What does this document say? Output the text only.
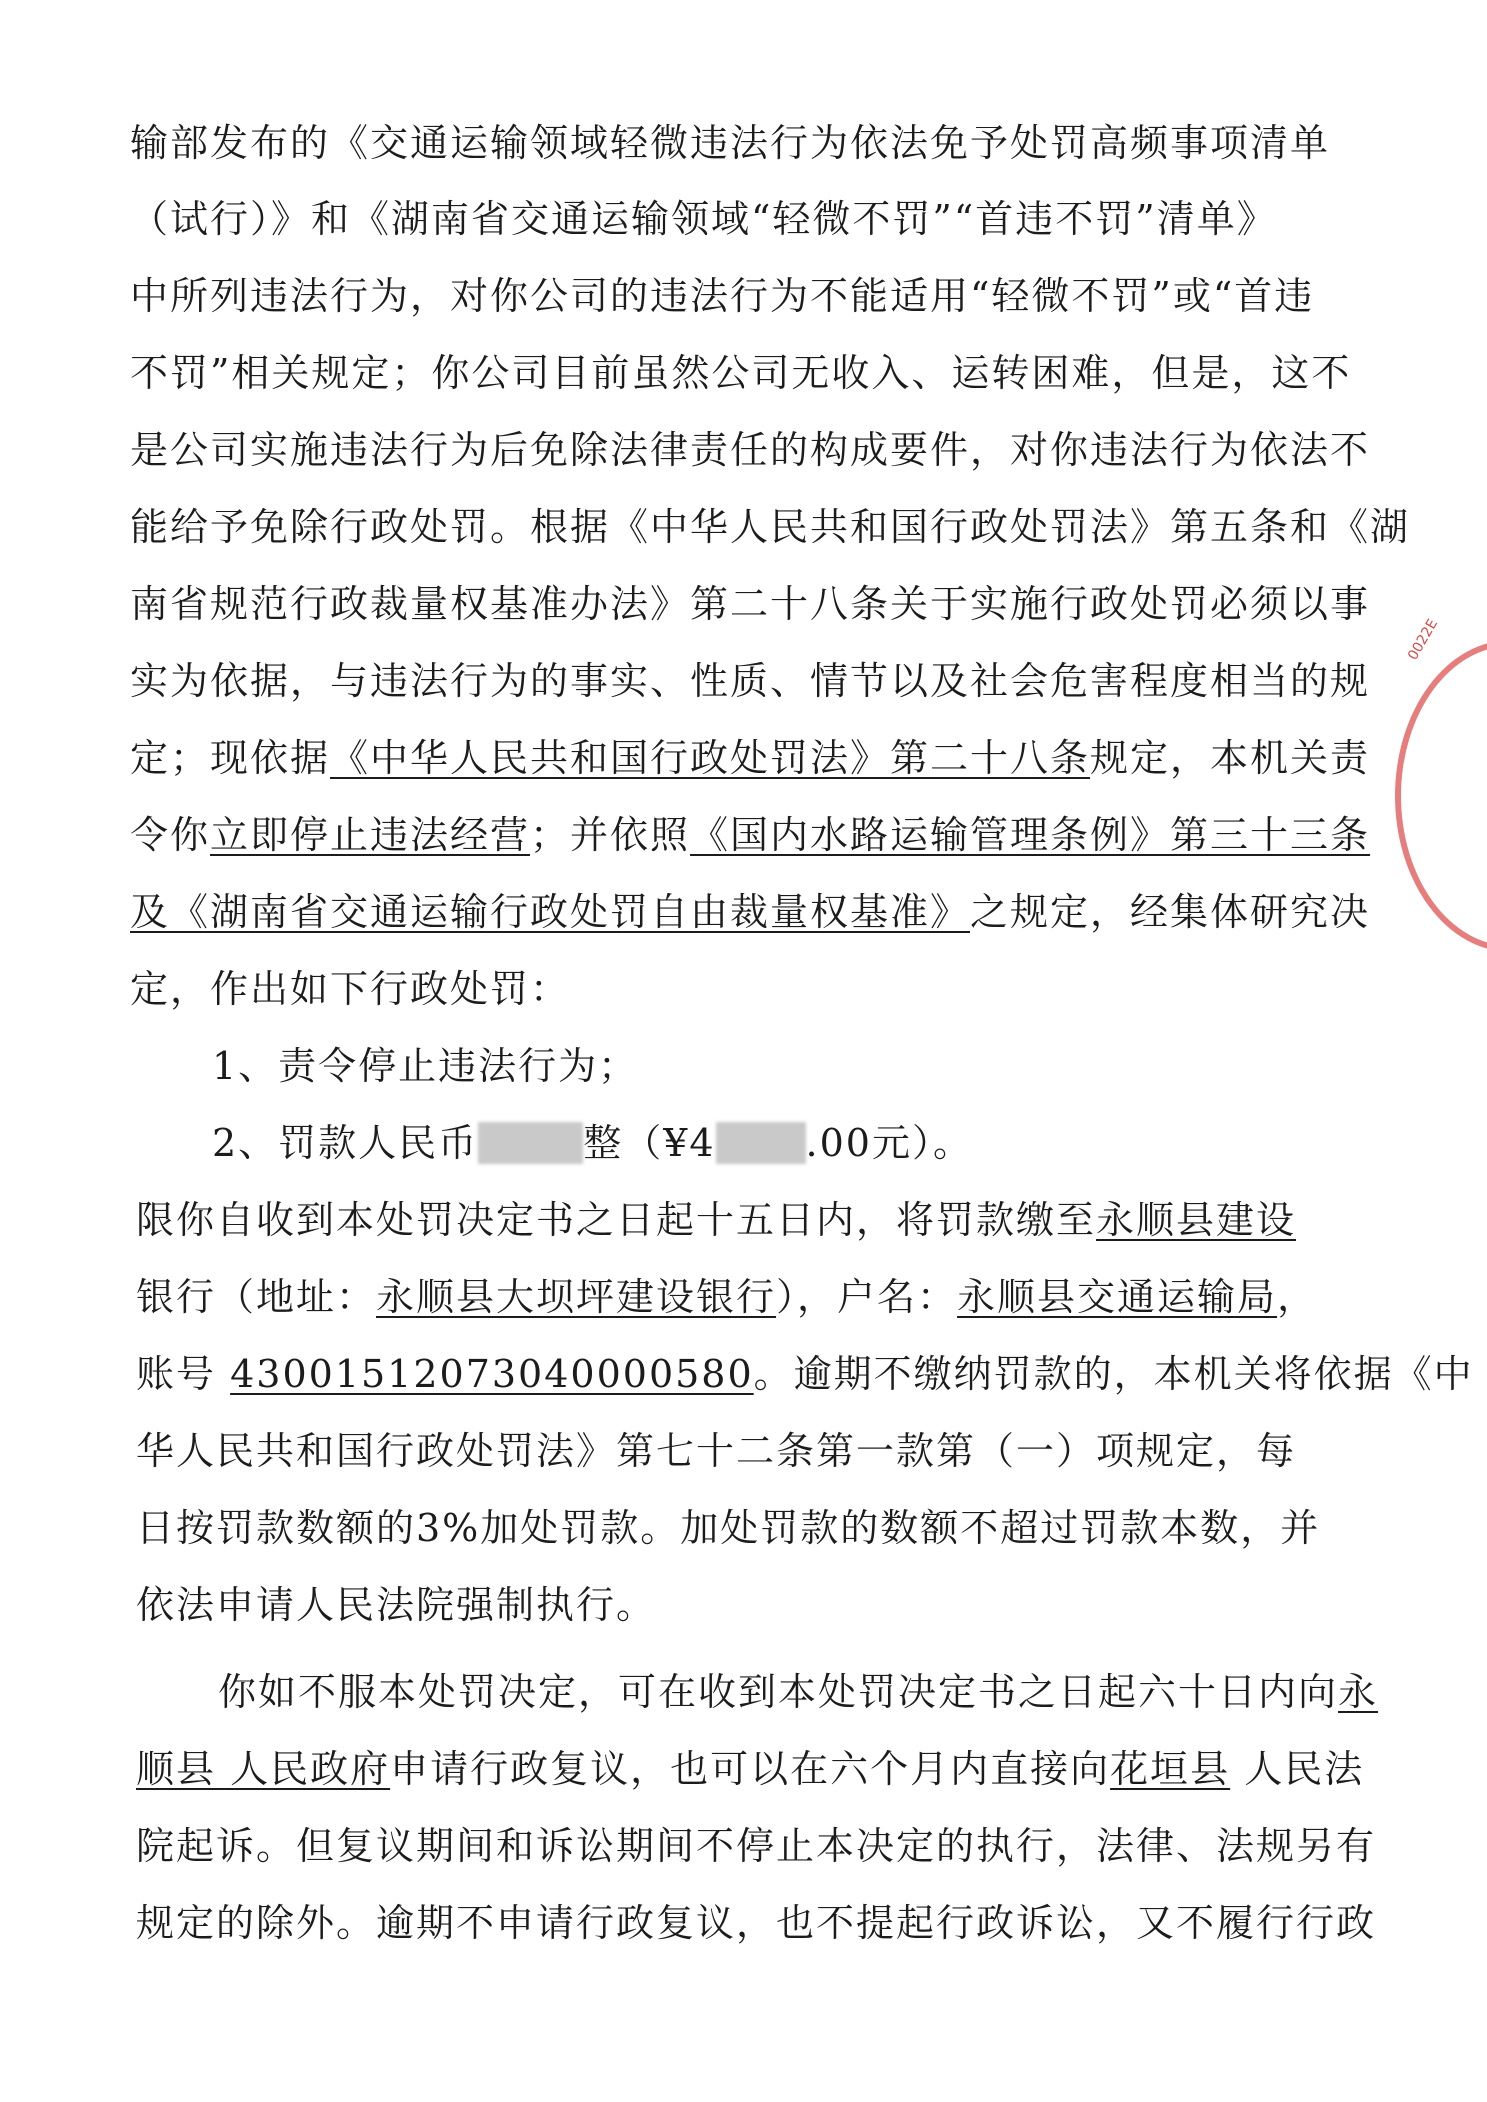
输部发布的《交通运输领域轻微违法行为依法免予处罚高频事项清单
（试行）》和《湖南省交通运输领域“轻微不罚”“首违不罚”清单》
中所列违法行为，对你公司的违法行为不能适用“轻微不罚”或“首违
不罚”相关规定；你公司目前虽然公司无收入、运转困难，但是，这不
是公司实施违法行为后免除法律责任的构成要件，对你违法行为依法不
能给予免除行政处罚。根据《中华人民共和国行政处罚法》第五条和《湖
南省规范行政裁量权基准办法》第二十八条关于实施行政处罚必须以事
实为依据，与违法行为的事实、性质、情节以及社会危害程度相当的规
定；现依据《中华人民共和国行政处罚法》第二十八条规定，本机关责
令你立即停止违法经营；并依照《国内水路运输管理条例》第三十三条
及《湖南省交通运输行政处罚自由裁量权基准》之规定，经集体研究决
定，作出如下行政处罚：
1、责令停止违法行为；
2、罚款人民币	整（¥4 .00元）。
限你自收到本处罚决定书之日起十五日内，将罚款缴至永顺县建设
银行（地址：永顺县大坝坪建设银行），户名：永顺县交通运输局，
账号 43001512073040000580。逾期不缴纳罚款的，本机关将依据《中
华人民共和国行政处罚法》第七十二条第一款第（一）项规定，每
日按罚款数额的3%加处罚款。加处罚款的数额不超过罚款本数，并
依法申请人民法院强制执行。
你如不服本处罚决定，可在收到本处罚决定书之日起六十日内向永
顺县 人民政府申请行政复议，也可以在六个月内直接向花垣县 人民法
院起诉。但复议期间和诉讼期间不停止本决定的执行，法律、法规另有
规定的除外。逾期不申请行政复议，也不提起行政诉讼，又不履行行政
0022E
